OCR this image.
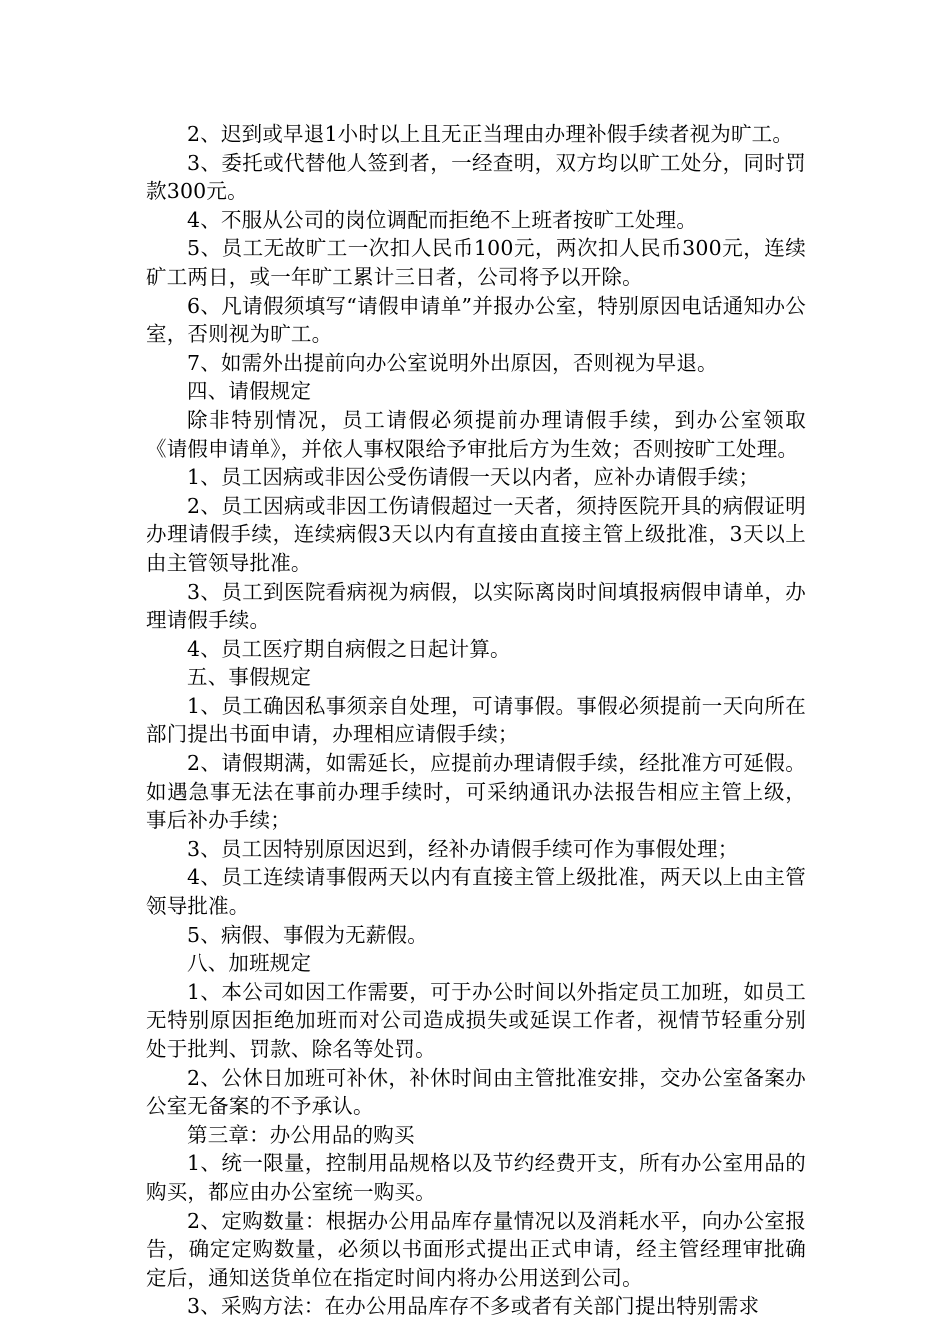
2、迟到或早退1小时以上且无正当理由办理补假手续者视为旷工。

3、委托或代替他人签到者，一经查明，双方均以旷工处分，同时罚款300元。

4、不服从公司的岗位调配而拒绝不上班者按旷工处理。

5、员工无故旷工一次扣人民币100元，两次扣人民币300元，连续矿工两日，或一年旷工累计三日者，公司将予以开除。

6、凡请假须填写“请假申请单”并报办公室，特别原因电话通知办公室，否则视为旷工。

7、如需外出提前向办公室说明外出原因，否则视为早退。

四、请假规定

除非特别情况，员工请假必须提前办理请假手续，到办公室领取《请假申请单》，并依人事权限给予审批后方为生效；否则按旷工处理。

1、员工因病或非因公受伤请假一天以内者，应补办请假手续；

2、员工因病或非因工伤请假超过一天者，须持医院开具的病假证明办理请假手续，连续病假3天以内有直接由直接主管上级批准，3天以上由主管领导批准。

3、员工到医院看病视为病假，以实际离岗时间填报病假申请单，办理请假手续。

4、员工医疗期自病假之日起计算。

五、事假规定

1、员工确因私事须亲自处理，可请事假。事假必须提前一天向所在部门提出书面申请，办理相应请假手续；

2、请假期满，如需延长，应提前办理请假手续，经批准方可延假。如遇急事无法在事前办理手续时，可采纳通讯办法报告相应主管上级，事后补办手续；

3、员工因特别原因迟到，经补办请假手续可作为事假处理；

4、员工连续请事假两天以内有直接主管上级批准，两天以上由主管领导批准。

5、病假、事假为无薪假。

八、加班规定

1、本公司如因工作需要，可于办公时间以外指定员工加班，如员工无特别原因拒绝加班而对公司造成损失或延误工作者，视情节轻重分别处于批判、罚款、除名等处罚。

2、公休日加班可补休，补休时间由主管批准安排，交办公室备案办公室无备案的不予承认。

第三章：办公用品的购买

1、统一限量，控制用品规格以及节约经费开支，所有办公室用品的购买，都应由办公室统一购买。

2、定购数量：根据办公用品库存量情况以及消耗水平，向办公室报告，确定定购数量，必须以书面形式提出正式申请，经主管经理审批确定后，通知送货单位在指定时间内将办公用送到公司。

3、采购方法：在办公用品库存不多或者有关部门提出特别需求
